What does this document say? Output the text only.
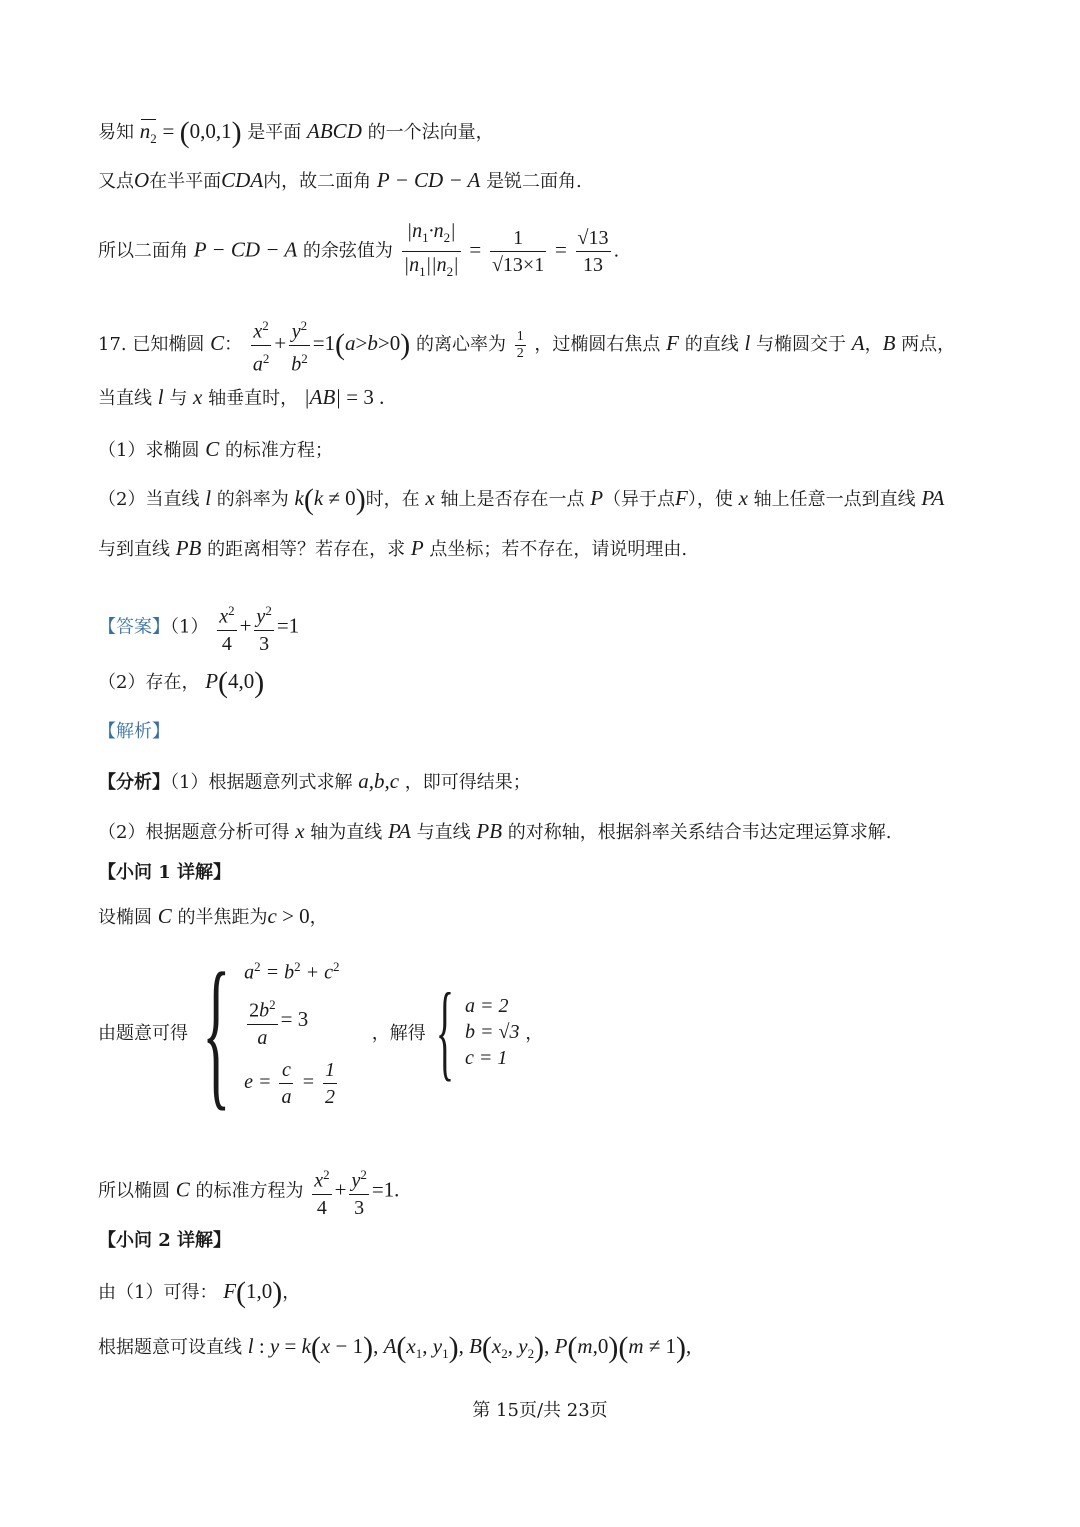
易知 $n_2 = (0,0,1)$ 是平面 ABCD 的一个法向量，
又点O在半平面CDA内，故二面角 P − CD − A 是锐二面角.
所以二面角 P − CD − A 的余弦值为 $\frac{|n_1\cdot n_2|}{|n_1||n_2|} = \frac{1}{√13\times 1} = \frac{√13}{13}$ .
17. 已知椭圆 C： $\frac{x^2}{a^2} + \frac{y^2}{b^2} =1(a>b>0)$ 的离心率为 $\frac{1}{2}$ ，过椭圆右焦点 F 的直线 l 与椭圆交于 A，B 两点，
当直线 l 与 x 轴垂直时， |AB| = 3 .
（1）求椭圆 C 的标准方程；
（2）当直线 l 的斜率为 k(k ≠ 0)时，在 x 轴上是否存在一点 P（异于点F），使 x 轴上任意一点到直线 PA
与到直线 PB 的距离相等？若存在，求 P 点坐标；若不存在，请说明理由.
【答案】$(1) \frac{x^2}{4} + \frac{y^2}{3} =1$
（2）存在， P(4,0)
【解析】
【分析】（1）根据题意列式求解 a,b,c ，即可得结果；
（2）根据题意分析可得 x 轴为直线 PA 与直线 PB 的对称轴，根据斜率关系结合韦达定理运算求解.
【小问 1 详解】
设椭圆 C 的半焦距为c > 0，
由题意可得 { $a^2 = b^2 + c^2$
$\frac{2b^2}{a} = 3$
$e = \frac{c}{a} = \frac{1}{2}$
，解得 { a = 2
b = √3
c = 1
，
所以椭圆 C 的标准方程为 $\frac{x^2}{4} + \frac{y^2}{3} =1$.
【小问 2 详解】
由（1）可得： F(1,0)，
根据题意可设直线 l : y = k(x − 1), $A(x_1$, $y_1$), $B(x_2$, $y_2$), P(m,0)(m ≠ 1),
第 15页/共 23页
